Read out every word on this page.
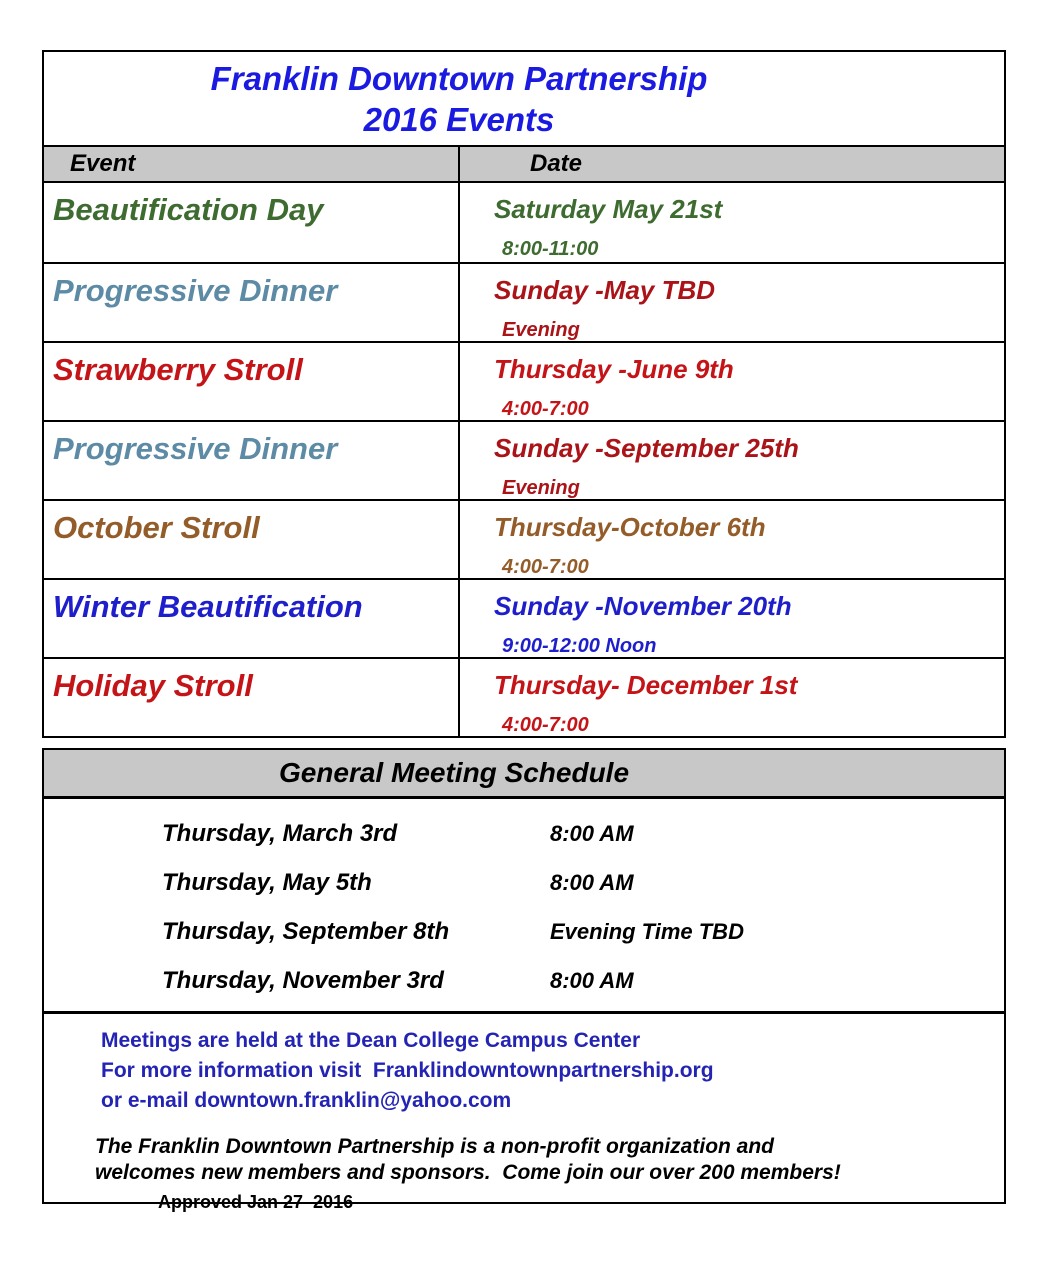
Franklin Downtown Partnership
2016 Events
Event	Date
Beautification Day	Saturday May 21st
8:00-11:00
Progressive Dinner	Sunday -May TBD
Evening
Strawberry Stroll	Thursday -June 9th
4:00-7:00
Progressive Dinner	Sunday -September 25th
Evening
October Stroll	Thursday-October 6th
4:00-7:00
Winter Beautification	Sunday -November 20th
9:00-12:00 Noon
Holiday Stroll	Thursday- December 1st
4:00-7:00
General Meeting Schedule
Thursday, March 3rd	8:00 AM
Thursday, May 5th	8:00 AM
Thursday, September 8th	Evening Time TBD
Thursday, November 3rd	8:00 AM
Meetings are held at the Dean College Campus Center
For more information visit  Franklindowntownpartnership.org
or e-mail downtown.franklin@yahoo.com
The Franklin Downtown Partnership is a non-profit organization and
welcomes new members and sponsors.  Come join our over 200 members!
Approved Jan 27  2016
